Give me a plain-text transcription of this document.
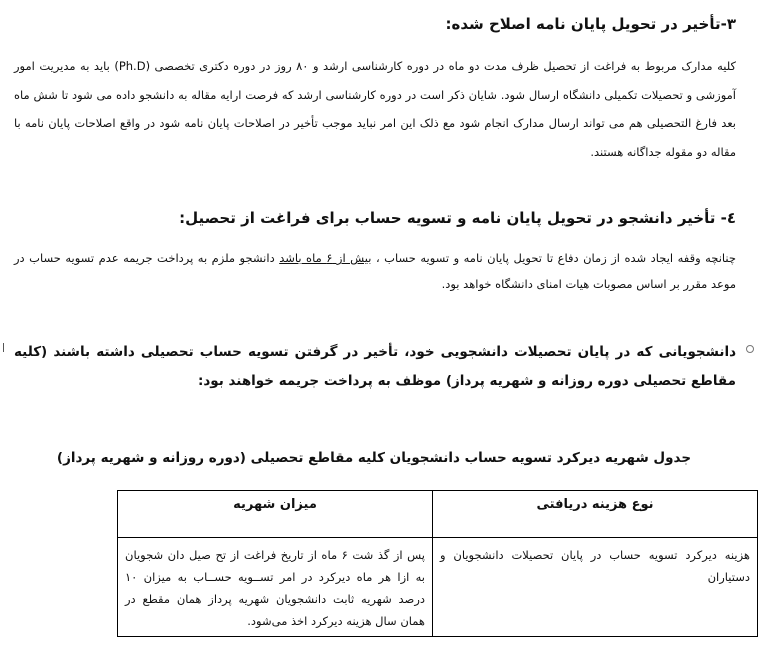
۳-تأخیر در تحویل پایان نامه اصلاح شده:
کلیه مدارک مربوط به فراغت از تحصیل ظرف مدت دو ماه در دوره کارشناسی ارشد و ۸۰ روز در دوره دکتری تخصصی (Ph.D) باید به مدیریت امور آموزشی و تحصیلات تکمیلی دانشگاه ارسال شود. شایان ذکر است در دوره کارشناسی ارشد که فرصت ارایه مقاله به دانشجو داده می شود تا شش ماه بعد فارغ التحصیلی هم می تواند ارسال مدارک انجام شود مع ذلک این امر نباید موجب تأخیر در اصلاحات پایان نامه شود در واقع اصلاحات پایان نامه با مقاله دو مقوله جداگانه هستند.
٤- تأخیر دانشجو در تحویل پایان نامه و تسویه حساب برای فراغت از تحصیل:
چنانچه وقفه ایجاد شده از زمان دفاع تا تحویل پایان نامه و تسویه حساب ، بیش از ۶ ماه باشد دانشجو ملزم به پرداخت جریمه عدم تسویه حساب در موعد مقرر بر اساس مصوبات هیات امنای دانشگاه خواهد بود.
دانشجویانی که در پایان تحصیلات دانشجویی خود، تأخیر در گرفتن تسویه حساب تحصیلی داشته باشند (کلیه مقاطع تحصیلی دوره روزانه و شهریه پرداز) موظف به پرداخت جریمه خواهند بود:
جدول شهریه دیرکرد تسویه حساب دانشجویان کلیه مقاطع تحصیلی (دوره روزانه و شهریه پرداز)
نوع هزینه دریافتی	میزان شهریه
هزینه دیرکرد تسویه حساب در پایان تحصیلات دانشجویان و دستیاران	پس از گذ شت ۶ ماه از تاریخ فراغت از تح صیل دان شجویان به ازا هر ماه دیرکرد در امر تســویه حســاب به میزان ۱۰ درصد شهریه ثابت دانشجویان شهریه پرداز همان مقطع در همان سال هزینه دیرکرد اخذ می‌شود.
